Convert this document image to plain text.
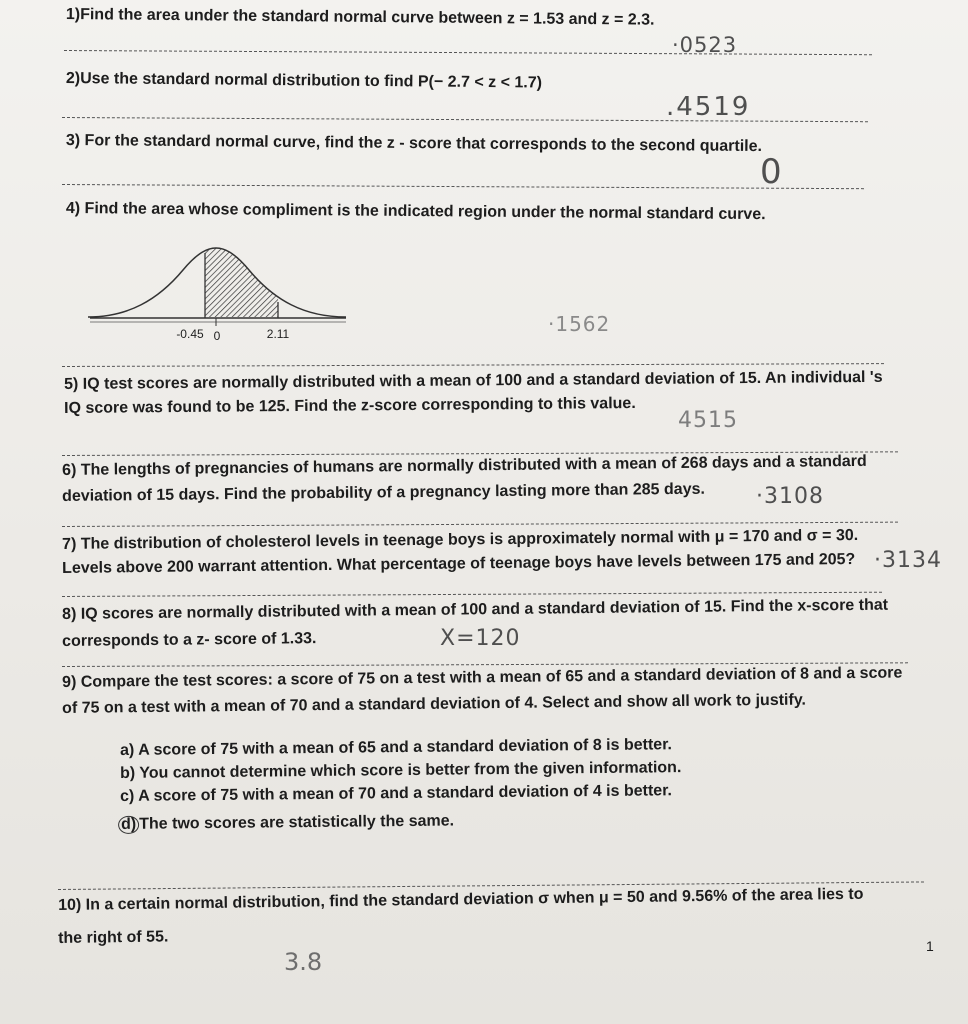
1)Find the area under the standard normal curve between z = 1.53 and z = 2.3.
·0523
2)Use the standard normal distribution to find P(− 2.7 < z < 1.7)
.4519
3) For the standard normal curve, find the z - score that corresponds to the second quartile.
0
4) Find the area whose compliment is the indicated region under the normal standard curve.
-0.45 0	2.11	·1562
5) IQ test scores are normally distributed with a mean of 100 and a standard deviation of 15. An individual 's
IQ score was found to be 125. Find the z-score corresponding to this value.
4515
6) The lengths of pregnancies of humans are normally distributed with a mean of 268 days and a standard
deviation of 15 days. Find the probability of a pregnancy lasting more than 285 days. ·3108
7) The distribution of cholesterol levels in teenage boys is approximately normal with μ = 170 and σ = 30.
Levels above 200 warrant attention. What percentage of teenage boys have levels between 175 and 205? ·3134
8) IQ scores are normally distributed with a mean of 100 and a standard deviation of 15. Find the x-score that
corresponds to a z- score of 1.33.	X=120
9) Compare the test scores: a score of 75 on a test with a mean of 65 and a standard deviation of 8 and a score
of 75 on a test with a mean of 70 and a standard deviation of 4. Select and show all work to justify.
a) A score of 75 with a mean of 65 and a standard deviation of 8 is better.
b) You cannot determine which score is better from the given information.
c) A score of 75 with a mean of 70 and a standard deviation of 4 is better.
d) The two scores are statistically the same.
10) In a certain normal distribution, find the standard deviation σ when μ = 50 and 9.56% of the area lies to
the right of 55.
3.8
1
